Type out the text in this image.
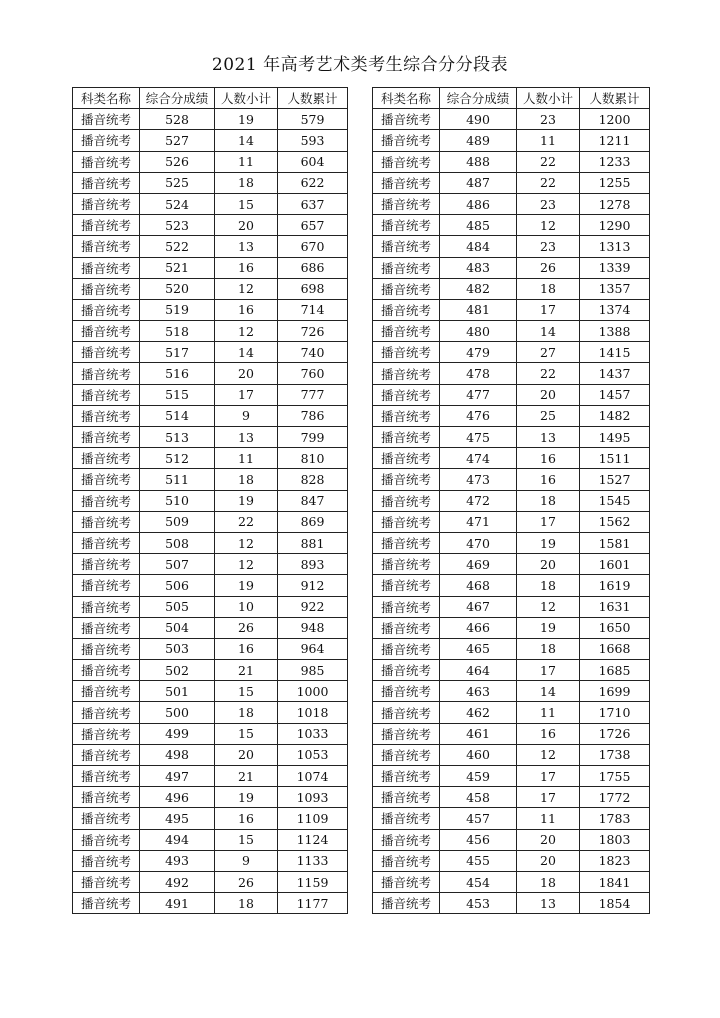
2021 年高考艺术类考生综合分分段表
科类名称	综合分成绩	人数小计	人数累计
播音统考	528	19	579
播音统考	527	14	593
播音统考	526	11	604
播音统考	525	18	622
播音统考	524	15	637
播音统考	523	20	657
播音统考	522	13	670
播音统考	521	16	686
播音统考	520	12	698
播音统考	519	16	714
播音统考	518	12	726
播音统考	517	14	740
播音统考	516	20	760
播音统考	515	17	777
播音统考	514	9	786
播音统考	513	13	799
播音统考	512	11	810
播音统考	511	18	828
播音统考	510	19	847
播音统考	509	22	869
播音统考	508	12	881
播音统考	507	12	893
播音统考	506	19	912
播音统考	505	10	922
播音统考	504	26	948
播音统考	503	16	964
播音统考	502	21	985
播音统考	501	15	1000
播音统考	500	18	1018
播音统考	499	15	1033
播音统考	498	20	1053
播音统考	497	21	1074
播音统考	496	19	1093
播音统考	495	16	1109
播音统考	494	15	1124
播音统考	493	9	1133
播音统考	492	26	1159
播音统考	491	18	1177
科类名称	综合分成绩	人数小计	人数累计
播音统考	490	23	1200
播音统考	489	11	1211
播音统考	488	22	1233
播音统考	487	22	1255
播音统考	486	23	1278
播音统考	485	12	1290
播音统考	484	23	1313
播音统考	483	26	1339
播音统考	482	18	1357
播音统考	481	17	1374
播音统考	480	14	1388
播音统考	479	27	1415
播音统考	478	22	1437
播音统考	477	20	1457
播音统考	476	25	1482
播音统考	475	13	1495
播音统考	474	16	1511
播音统考	473	16	1527
播音统考	472	18	1545
播音统考	471	17	1562
播音统考	470	19	1581
播音统考	469	20	1601
播音统考	468	18	1619
播音统考	467	12	1631
播音统考	466	19	1650
播音统考	465	18	1668
播音统考	464	17	1685
播音统考	463	14	1699
播音统考	462	11	1710
播音统考	461	16	1726
播音统考	460	12	1738
播音统考	459	17	1755
播音统考	458	17	1772
播音统考	457	11	1783
播音统考	456	20	1803
播音统考	455	20	1823
播音统考	454	18	1841
播音统考	453	13	1854
